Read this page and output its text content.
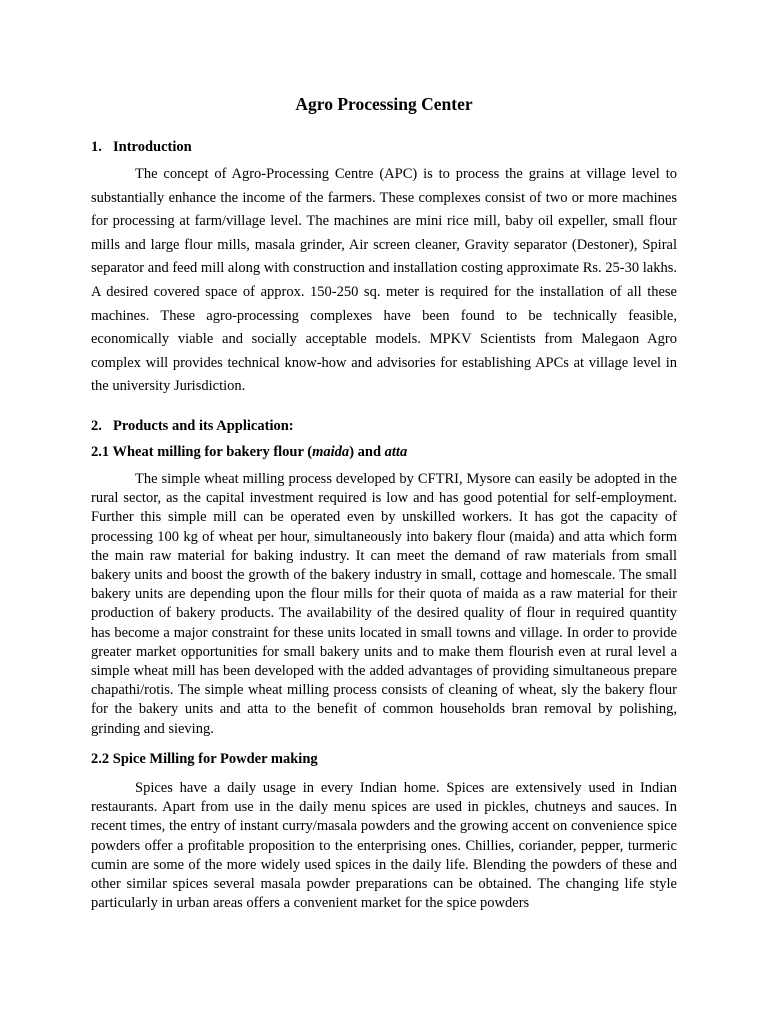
Agro Processing Center
1. Introduction

The concept of Agro-Processing Centre (APC) is to process the grains at village level to substantially enhance the income of the farmers. These complexes consist of two or more machines for processing at farm/village level. The machines are mini rice mill, baby oil expeller, small flour mills and large flour mills, masala grinder, Air screen cleaner, Gravity separator (Destoner), Spiral separator and feed mill along with construction and installation costing approximate Rs. 25-30 lakhs. A desired covered space of approx. 150-250 sq. meter is required for the installation of all these machines. These agro-processing complexes have been found to be technically feasible, economically viable and socially acceptable models. MPKV Scientists from Malegaon Agro complex will provides technical know-how and advisories for establishing APCs at village level in the university Jurisdiction.

2. Products and its Application:
2.1 Wheat milling for bakery flour (maida) and atta

The simple wheat milling process developed by CFTRI, Mysore can easily be adopted in the rural sector, as the capital investment required is low and has good potential for self-employment. Further this simple mill can be operated even by unskilled workers. It has got the capacity of processing 100 kg of wheat per hour, simultaneously into bakery flour (maida) and atta which form the main raw material for baking industry. It can meet the demand of raw materials from small bakery units and boost the growth of the bakery industry in small, cottage and homescale. The small bakery units are depending upon the flour mills for their quota of maida as a raw material for their production of bakery products. The availability of the desired quality of flour in required quantity has become a major constraint for these units located in small towns and village. In order to provide greater market opportunities for small bakery units and to make them flourish even at rural level a simple wheat mill has been developed with the added advantages of providing simultaneous prepare chapathi/rotis. The simple wheat milling process consists of cleaning of wheat, sly the bakery flour for the bakery units and atta to the benefit of common households bran removal by polishing, grinding and sieving.

2.2 Spice Milling for Powder making

Spices have a daily usage in every Indian home. Spices are extensively used in Indian restaurants. Apart from use in the daily menu spices are used in pickles, chutneys and sauces. In recent times, the entry of instant curry/masala powders and the growing accent on convenience spice powders offer a profitable proposition to the enterprising ones. Chillies, coriander, pepper, turmeric cumin are some of the more widely used spices in the daily life. Blending the powders of these and other similar spices several masala powder preparations can be obtained. The changing life style particularly in urban areas offers a convenient market for the spice powders
